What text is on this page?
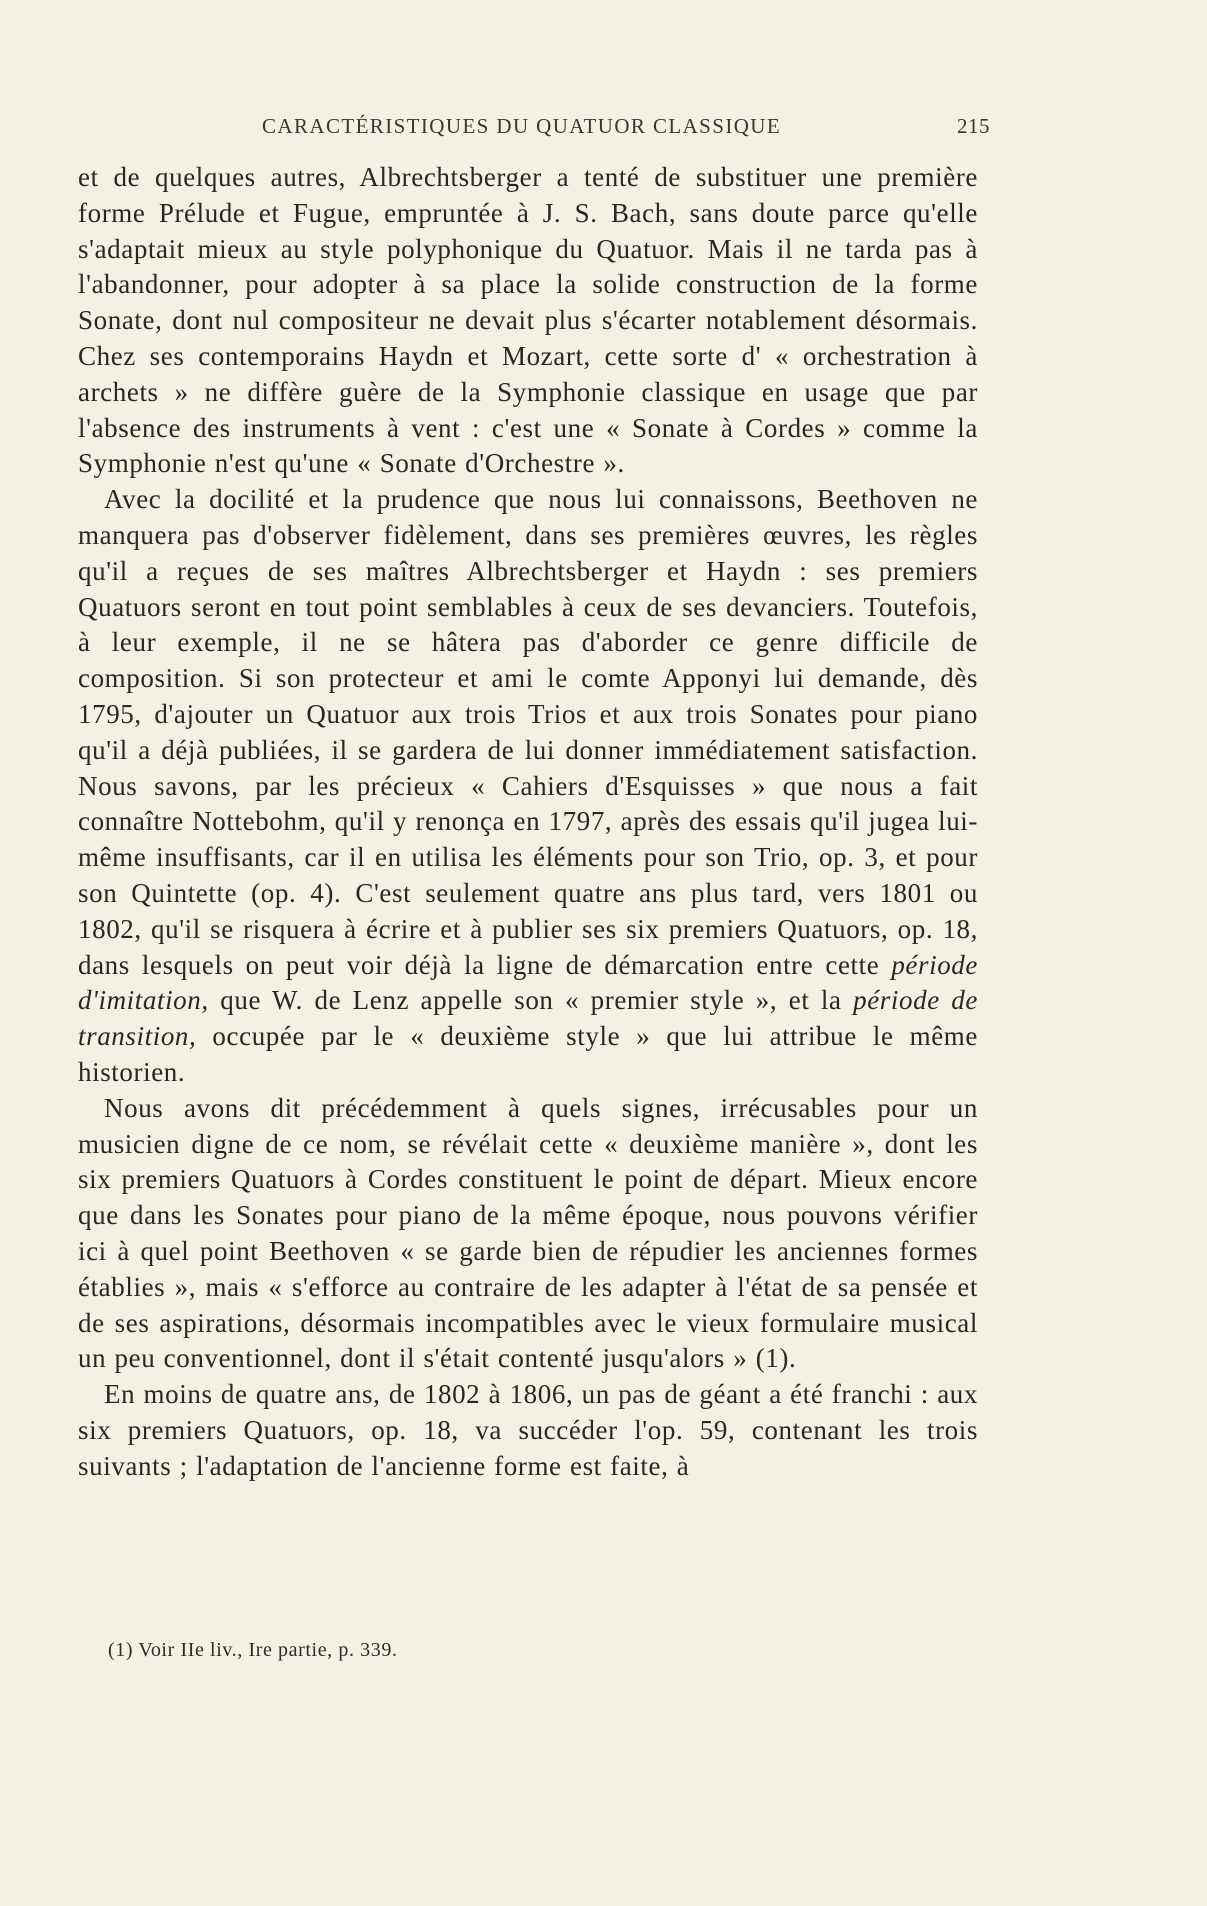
CARACTÉRISTIQUES DU QUATUOR CLASSIQUE	215

et de quelques autres, Albrechtsberger a tenté de substituer une première forme Prélude et Fugue, empruntée à J. S. Bach, sans doute parce qu'elle s'adaptait mieux au style polyphonique du Quatuor. Mais il ne tarda pas à l'abandonner, pour adopter à sa place la solide construction de la forme Sonate, dont nul compositeur ne devait plus s'écarter notablement désormais. Chez ses contemporains Haydn et Mozart, cette sorte d' « orchestration à archets » ne diffère guère de la Symphonie classique en usage que par l'absence des instruments à vent : c'est une « Sonate à Cordes » comme la Symphonie n'est qu'une « Sonate d'Orchestre ».

Avec la docilité et la prudence que nous lui connaissons, Beethoven ne manquera pas d'observer fidèlement, dans ses premières œuvres, les règles qu'il a reçues de ses maîtres Albrechtsberger et Haydn : ses premiers Quatuors seront en tout point semblables à ceux de ses devanciers. Toutefois, à leur exemple, il ne se hâtera pas d'aborder ce genre difficile de composition. Si son protecteur et ami le comte Apponyi lui demande, dès 1795, d'ajouter un Quatuor aux trois Trios et aux trois Sonates pour piano qu'il a déjà publiées, il se gardera de lui donner immédiatement satisfaction. Nous savons, par les précieux « Cahiers d'Esquisses » que nous a fait connaître Nottebohm, qu'il y renonça en 1797, après des essais qu'il jugea lui-même insuffisants, car il en utilisa les éléments pour son Trio, op. 3, et pour son Quintette (op. 4). C'est seulement quatre ans plus tard, vers 1801 ou 1802, qu'il se risquera à écrire et à publier ses six premiers Quatuors, op. 18, dans lesquels on peut voir déjà la ligne de démarcation entre cette période d'imitation, que W. de Lenz appelle son « premier style », et la période de transition, occupée par le « deuxième style » que lui attribue le même historien.

Nous avons dit précédemment à quels signes, irrécusables pour un musicien digne de ce nom, se révélait cette « deuxième manière », dont les six premiers Quatuors à Cordes constituent le point de départ. Mieux encore que dans les Sonates pour piano de la même époque, nous pouvons vérifier ici à quel point Beethoven « se garde bien de répudier les anciennes formes établies », mais « s'efforce au contraire de les adapter à l'état de sa pensée et de ses aspirations, désormais incompatibles avec le vieux formulaire musical un peu conventionnel, dont il s'était contenté jusqu'alors » (1).

En moins de quatre ans, de 1802 à 1806, un pas de géant a été franchi : aux six premiers Quatuors, op. 18, va succéder l'op. 59, contenant les trois suivants ; l'adaptation de l'ancienne forme est faite, à

(1) Voir IIe liv., Ire partie, p. 339.
